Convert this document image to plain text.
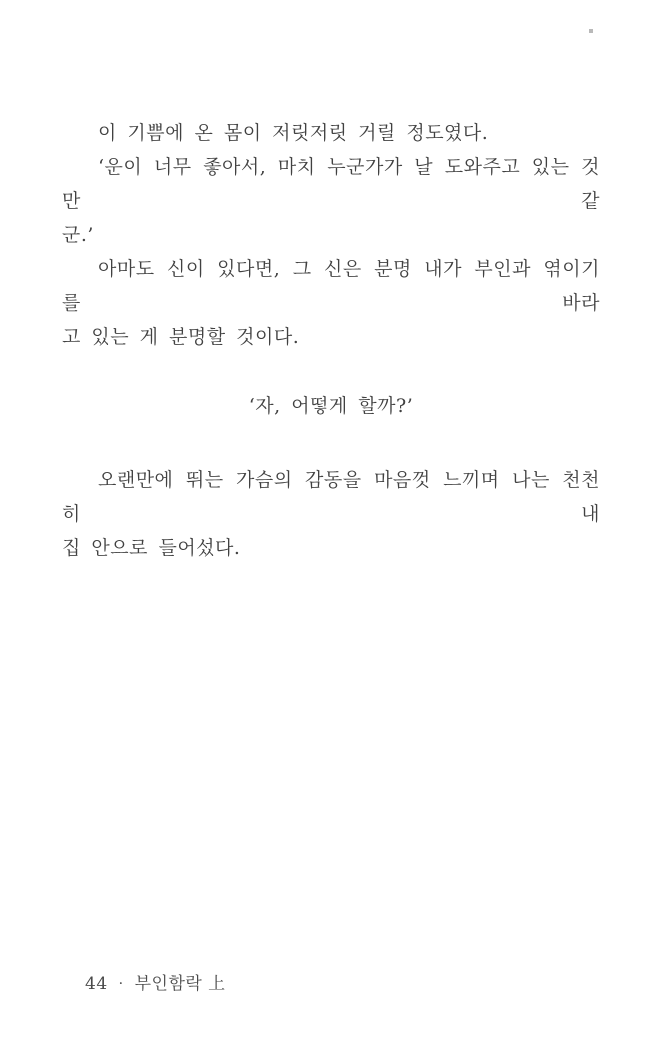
이 기쁨에 온 몸이 저릿저릿 거릴 정도였다.
‘운이 너무 좋아서, 마치 누군가가 날 도와주고 있는 것만 같
군.’
아마도 신이 있다면, 그 신은 분명 내가 부인과 엮이기를 바라
고 있는 게 분명할 것이다.
‘자, 어떻게 할까?’
오랜만에 뛰는 가슴의 감동을 마음껏 느끼며 나는 천천히 내
집 안으로 들어섰다.
44 · 부인함락 上
